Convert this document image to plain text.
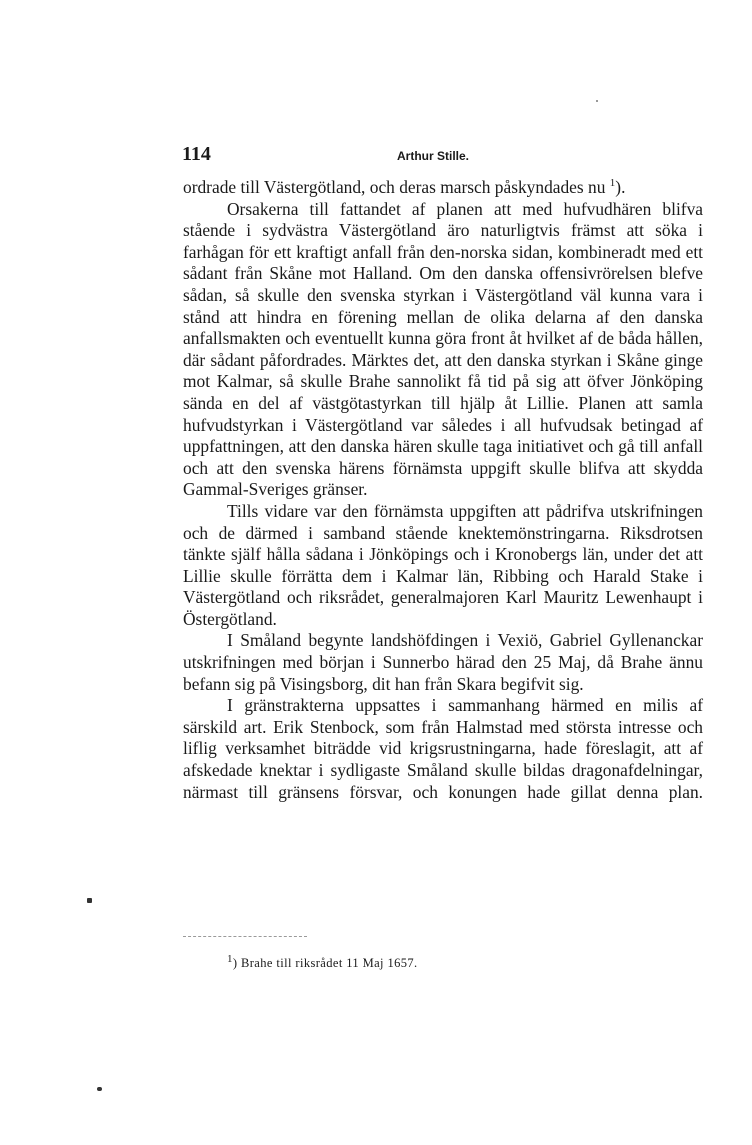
114	Arthur Stille.

ordrade till Västergötland, och deras marsch påskyndades nu $^1$).

Orsakerna till fattandet af planen att med hufvudhären blifva stående i sydvästra Västergötland äro naturligtvis främst att söka i farhågan för ett kraftigt anfall från den-norska sidan, kombineradt med ett sådant från Skåne mot Halland. Om den danska offensivrörelsen blefve sådan, så skulle den svenska styrkan i Västergötland väl kunna vara i stånd att hindra en förening mellan de olika delarna af den danska anfallsmakten och eventuellt kunna göra front åt hvilket af de båda hållen, där sådant påfordrades. Märktes det, att den danska styrkan i Skåne ginge mot Kalmar, så skulle Brahe sannolikt få tid på sig att öfver Jönköping sända en del af västgötastyrkan till hjälp åt Lillie. Planen att samla hufvudstyrkan i Västergötland var således i all hufvudsak betingad af uppfattningen, att den danska hären skulle taga initiativet och gå till anfall och att den svenska härens förnämsta uppgift skulle blifva att skydda Gammal-Sveriges gränser.

Tills vidare var den förnämsta uppgiften att pådrifva utskrifningen och de därmed i samband stående knektemönstringarna. Riksdrotsen tänkte själf hålla sådana i Jönköpings och i Kronobergs län, under det att Lillie skulle förrätta dem i Kalmar län, Ribbing och Harald Stake i Västergötland och riksrådet, generalmajoren Karl Mauritz Lewenhaupt i Östergötland.

I Småland begynte landshöfdingen i Vexiö, Gabriel Gyllenanckar utskrifningen med början i Sunnerbo härad den 25 Maj, då Brahe ännu befann sig på Visingsborg, dit han från Skara begifvit sig.

I gränstrakterna uppsattes i sammanhang härmed en milis af särskild art. Erik Stenbock, som från Halmstad med största intresse och liflig verksamhet biträdde vid krigsrustningarna, hade föreslagit, att af afskedade knektar i sydligaste Småland skulle bildas dragonafdelningar, närmast till gränsens försvar, och konungen hade gillat denna plan.

1) Brahe till riksrådet 11 Maj 1657.
